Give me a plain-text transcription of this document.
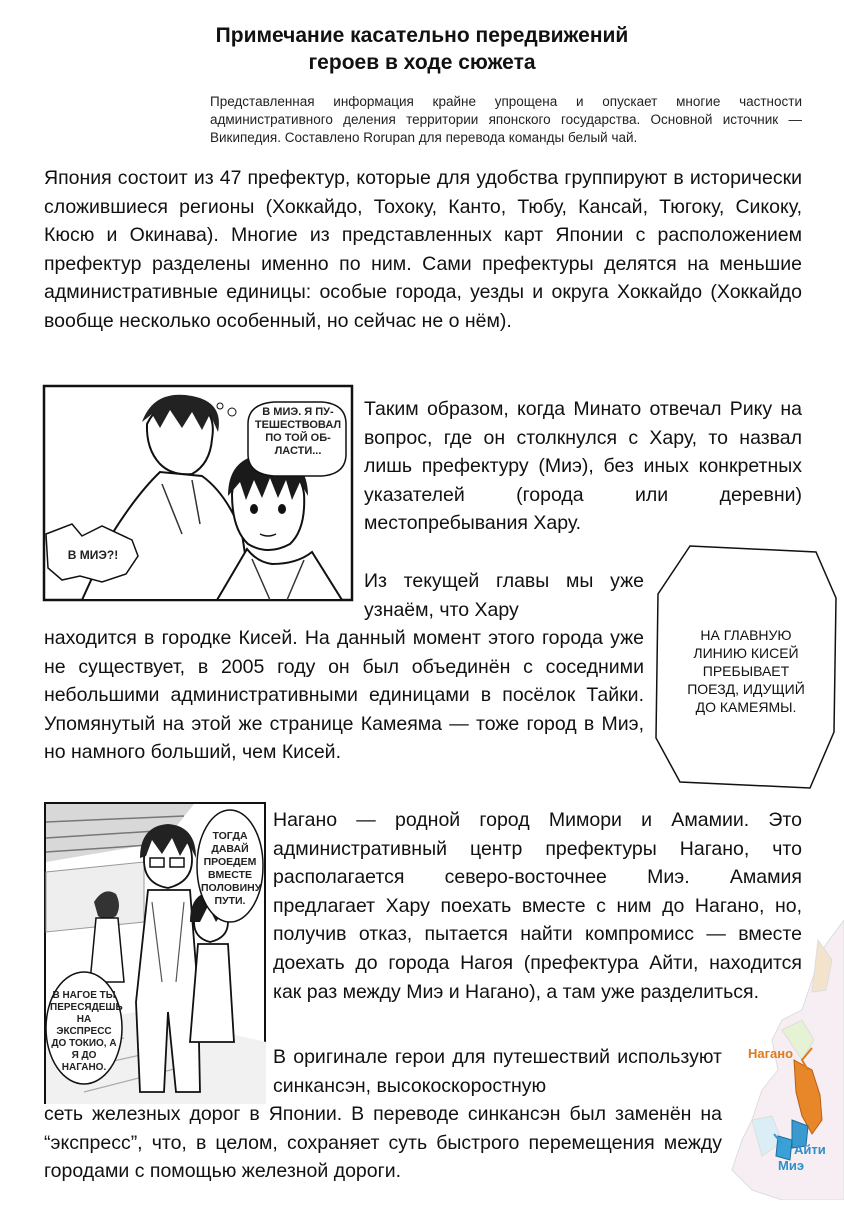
Примечание касательно передвижений
героев в ходе сюжета
Представленная информация крайне упрощена и опускает многие частности административного деления территории японского государства. Основной источник — Википедия. Составлено Rorupan для перевода команды белый чай.
Япония состоит из 47 префектур, которые для удобства группируют в исторически сложившиеся регионы (Хоккайдо, Тохоку, Канто, Тюбу, Кансай, Тюгоку, Сикоку, Кюсю и Окинава). Многие из представленных карт Японии с расположением префектур разделены именно по ним. Сами префектуры делятся на меньшие административные единицы: особые города, уезды и округа Хоккайдо (Хоккайдо вообще несколько особенный, но сейчас не о нём).
В МИЭ. Я ПУ-ТЕШЕСТВОВАЛ ПО ТОЙ ОБ-ЛАСТИ...
В МИЭ?!
Таким образом, когда Минато отвечал Рику на вопрос, где он столкнулся с Хару, то назвал лишь префектуру (Миэ), без иных конкретных указателей (города или деревни) местопребывания Хару.
Из текущей главы мы уже узнаём, что Хару
находится в городке Кисей. На данный момент этого города уже не существует, в 2005 году он был объединён с соседними небольшими административными единицами в посёлок Тайки. Упомянутый на этой же странице Камеяма — тоже город в Миэ, но намного больший, чем Кисей.
НА ГЛАВНУЮ ЛИНИЮ КИСЕЙ ПРЕБЫВАЕТ ПОЕЗД, ИДУЩИЙ ДО КАМЕЯМЫ.
ТОГДА ДАВАЙ ПРОЕДЕМ ВМЕСТЕ ПОЛОВИНУ ПУТИ.
В НАГОЕ ТЫ ПЕРЕСЯДЕШЬ НА ЭКСПРЕСС ДО ТОКИО, А Я ДО НАГАНО.
Нагано — родной город Мимори и Амамии. Это административный центр префектуры Нагано, что располагается северо-восточнее Миэ. Амамия предлагает Хару поехать вместе с ним до Нагано, но, получив отказ, пытается найти компромисс — вместе доехать до города Нагоя (префектура Айти, находится как раз между Миэ и Нагано), а там уже разделиться.
В оригинале герои для путешествий используют синкансэн, высокоскоростную
сеть железных дорог в Японии. В переводе синкансэн был заменён на “экспресс”, что, в целом, сохраняет суть быстрого перемещения между городами с помощью железной дороги.
Нагано
Айти
Миэ
